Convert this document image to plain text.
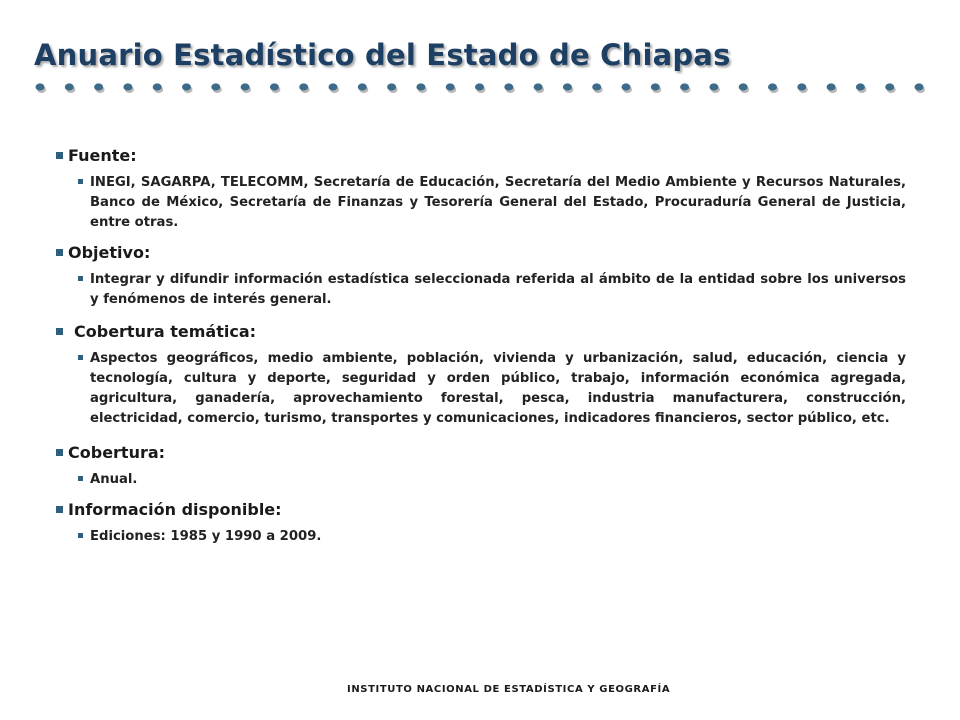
Anuario Estadístico del Estado de Chiapas
Fuente:
INEGI, SAGARPA, TELECOMM, Secretaría de Educación, Secretaría del Medio Ambiente y Recursos Naturales, Banco de México, Secretaría de Finanzas y Tesorería General del Estado, Procuraduría General de Justicia, entre otras.
Objetivo:
Integrar y difundir información estadística seleccionada referida al ámbito de la entidad sobre los universos y fenómenos de interés general.
Cobertura temática:
Aspectos geográficos, medio ambiente, población, vivienda y urbanización, salud, educación, ciencia y tecnología, cultura y deporte, seguridad y orden público, trabajo, información económica agregada, agricultura, ganadería, aprovechamiento forestal, pesca, industria manufacturera, construcción, electricidad, comercio, turismo, transportes y comunicaciones, indicadores financieros, sector público, etc.
Cobertura:
Anual.
Información disponible:
Ediciones: 1985 y 1990 a 2009.
INSTITUTO NACIONAL DE ESTADÍSTICA Y GEOGRAFÍA
